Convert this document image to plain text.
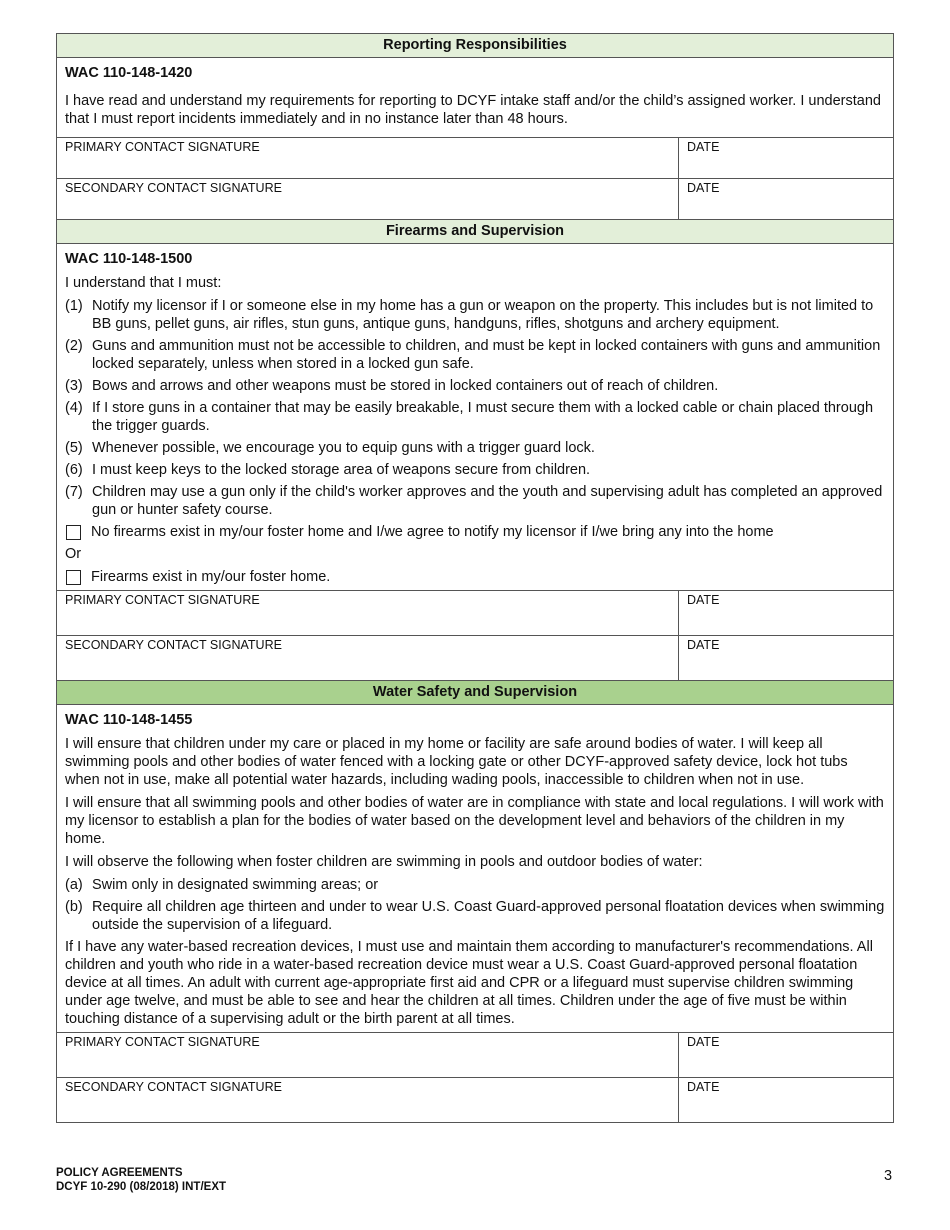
Reporting Responsibilities
WAC 110-148-1420
I have read and understand my requirements for reporting to DCYF intake staff and/or the child’s assigned worker. I understand that I must report incidents immediately and in no instance later than 48 hours.
PRIMARY CONTACT SIGNATURE	DATE
SECONDARY CONTACT SIGNATURE	DATE
Firearms and Supervision
WAC 110-148-1500
I understand that I must:
(1) Notify my licensor if I or someone else in my home has a gun or weapon on the property. This includes but is not limited to BB guns, pellet guns, air rifles, stun guns, antique guns, handguns, rifles, shotguns and archery equipment.
(2) Guns and ammunition must not be accessible to children, and must be kept in locked containers with guns and ammunition locked separately, unless when stored in a locked gun safe.
(3) Bows and arrows and other weapons must be stored in locked containers out of reach of children.
(4) If I store guns in a container that may be easily breakable, I must secure them with a locked cable or chain placed through the trigger guards.
(5) Whenever possible, we encourage you to equip guns with a trigger guard lock.
(6) I must keep keys to the locked storage area of weapons secure from children.
(7) Children may use a gun only if the child's worker approves and the youth and supervising adult has completed an approved gun or hunter safety course.
No firearms exist in my/our foster home and I/we agree to notify my licensor if I/we bring any into the home
Or
Firearms exist in my/our foster home.
PRIMARY CONTACT SIGNATURE	DATE
SECONDARY CONTACT SIGNATURE	DATE
Water Safety and Supervision
WAC 110-148-1455
I will ensure that children under my care or placed in my home or facility are safe around bodies of water. I will keep all swimming pools and other bodies of water fenced with a locking gate or other DCYF-approved safety device, lock hot tubs when not in use, make all potential water hazards, including wading pools, inaccessible to children when not in use.
I will ensure that all swimming pools and other bodies of water are in compliance with state and local regulations. I will work with my licensor to establish a plan for the bodies of water based on the development level and behaviors of the children in my home.
I will observe the following when foster children are swimming in pools and outdoor bodies of water:
(a) Swim only in designated swimming areas; or
(b) Require all children age thirteen and under to wear U.S. Coast Guard-approved personal floatation devices when swimming outside the supervision of a lifeguard.
If I have any water-based recreation devices, I must use and maintain them according to manufacturer's recommendations. All children and youth who ride in a water-based recreation device must wear a U.S. Coast Guard-approved personal floatation device at all times. An adult with current age-appropriate first aid and CPR or a lifeguard must supervise children swimming under age twelve, and must be able to see and hear the children at all times. Children under the age of five must be within touching distance of a supervising adult or the birth parent at all times.
PRIMARY CONTACT SIGNATURE	DATE
SECONDARY CONTACT SIGNATURE	DATE
POLICY AGREEMENTS
DCYF 10-290 (08/2018) INT/EXT
3
